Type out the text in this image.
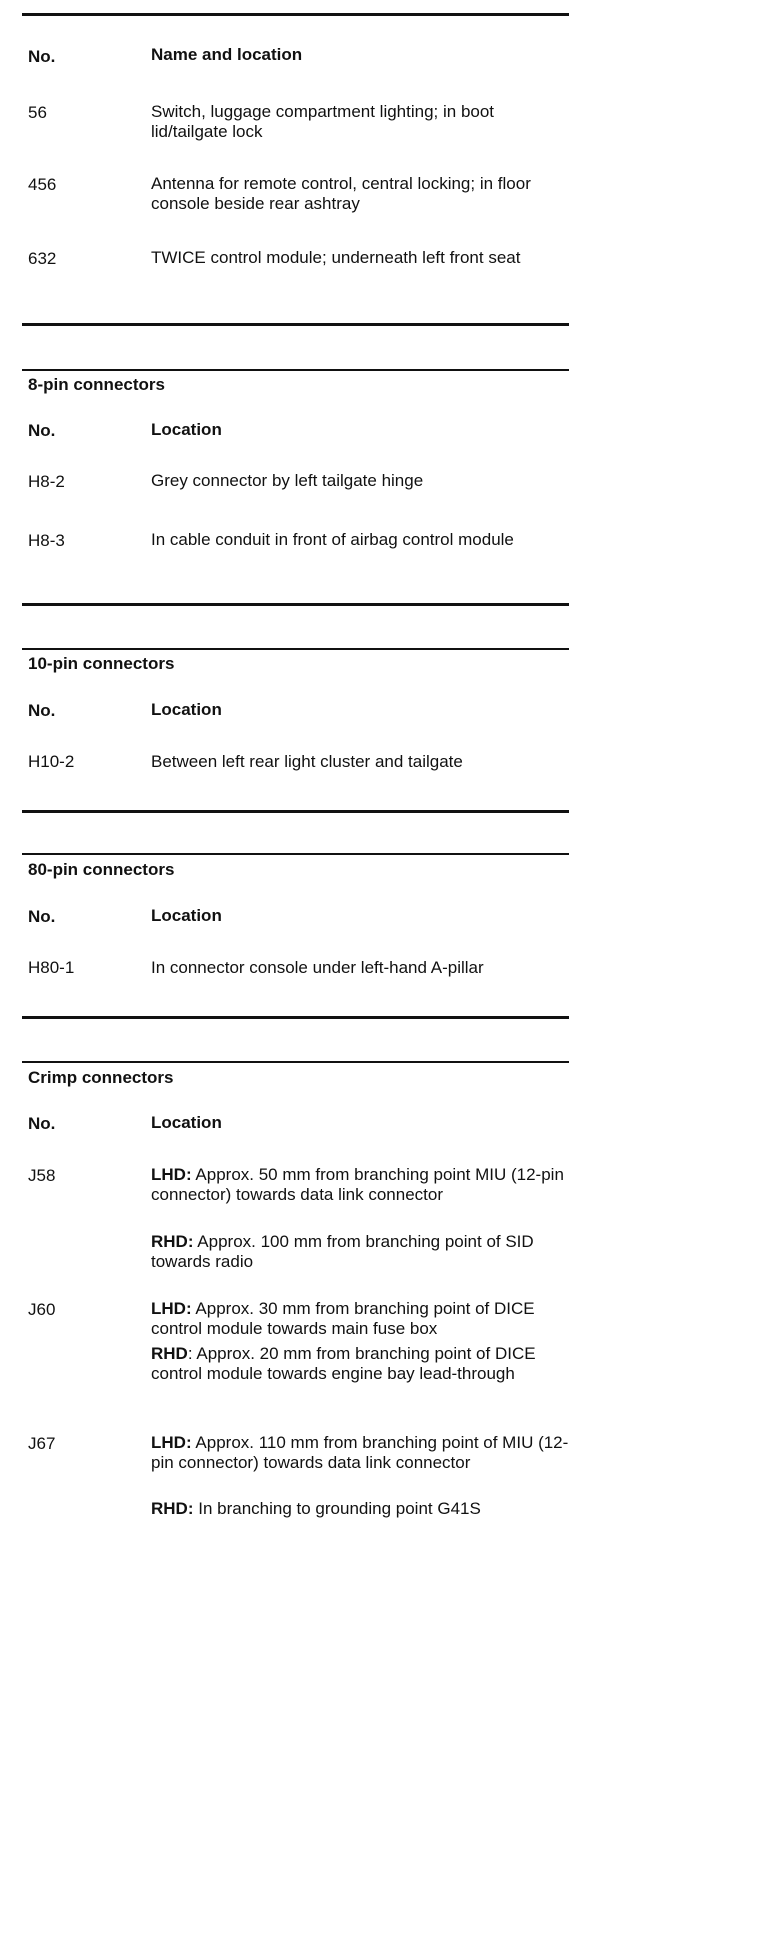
No.	Name and location
56	Switch, luggage compartment lighting; in boot lid/tailgate lock
456	Antenna for remote control, central locking; in floor console beside rear ashtray
632	TWICE control module; underneath left front seat
8-pin connectors
No.	Location
H8-2	Grey connector by left tailgate hinge
H8-3	In cable conduit in front of airbag control module
10-pin connectors
No.	Location
H10-2	Between left rear light cluster and tailgate
80-pin connectors
No.	Location
H80-1	In connector console under left-hand A-pillar
Crimp connectors
No.	Location
J58	LHD: Approx. 50 mm from branching point MIU (12-pin connector) towards data link connector
RHD: Approx. 100 mm from branching point of SID towards radio
J60	LHD: Approx. 30 mm from branching point of DICE control module towards main fuse box
RHD: Approx. 20 mm from branching point of DICE control module towards engine bay lead-through
J67	LHD: Approx. 110 mm from branching point of MIU (12-pin connector) towards data link connector
RHD: In branching to grounding point G41S
